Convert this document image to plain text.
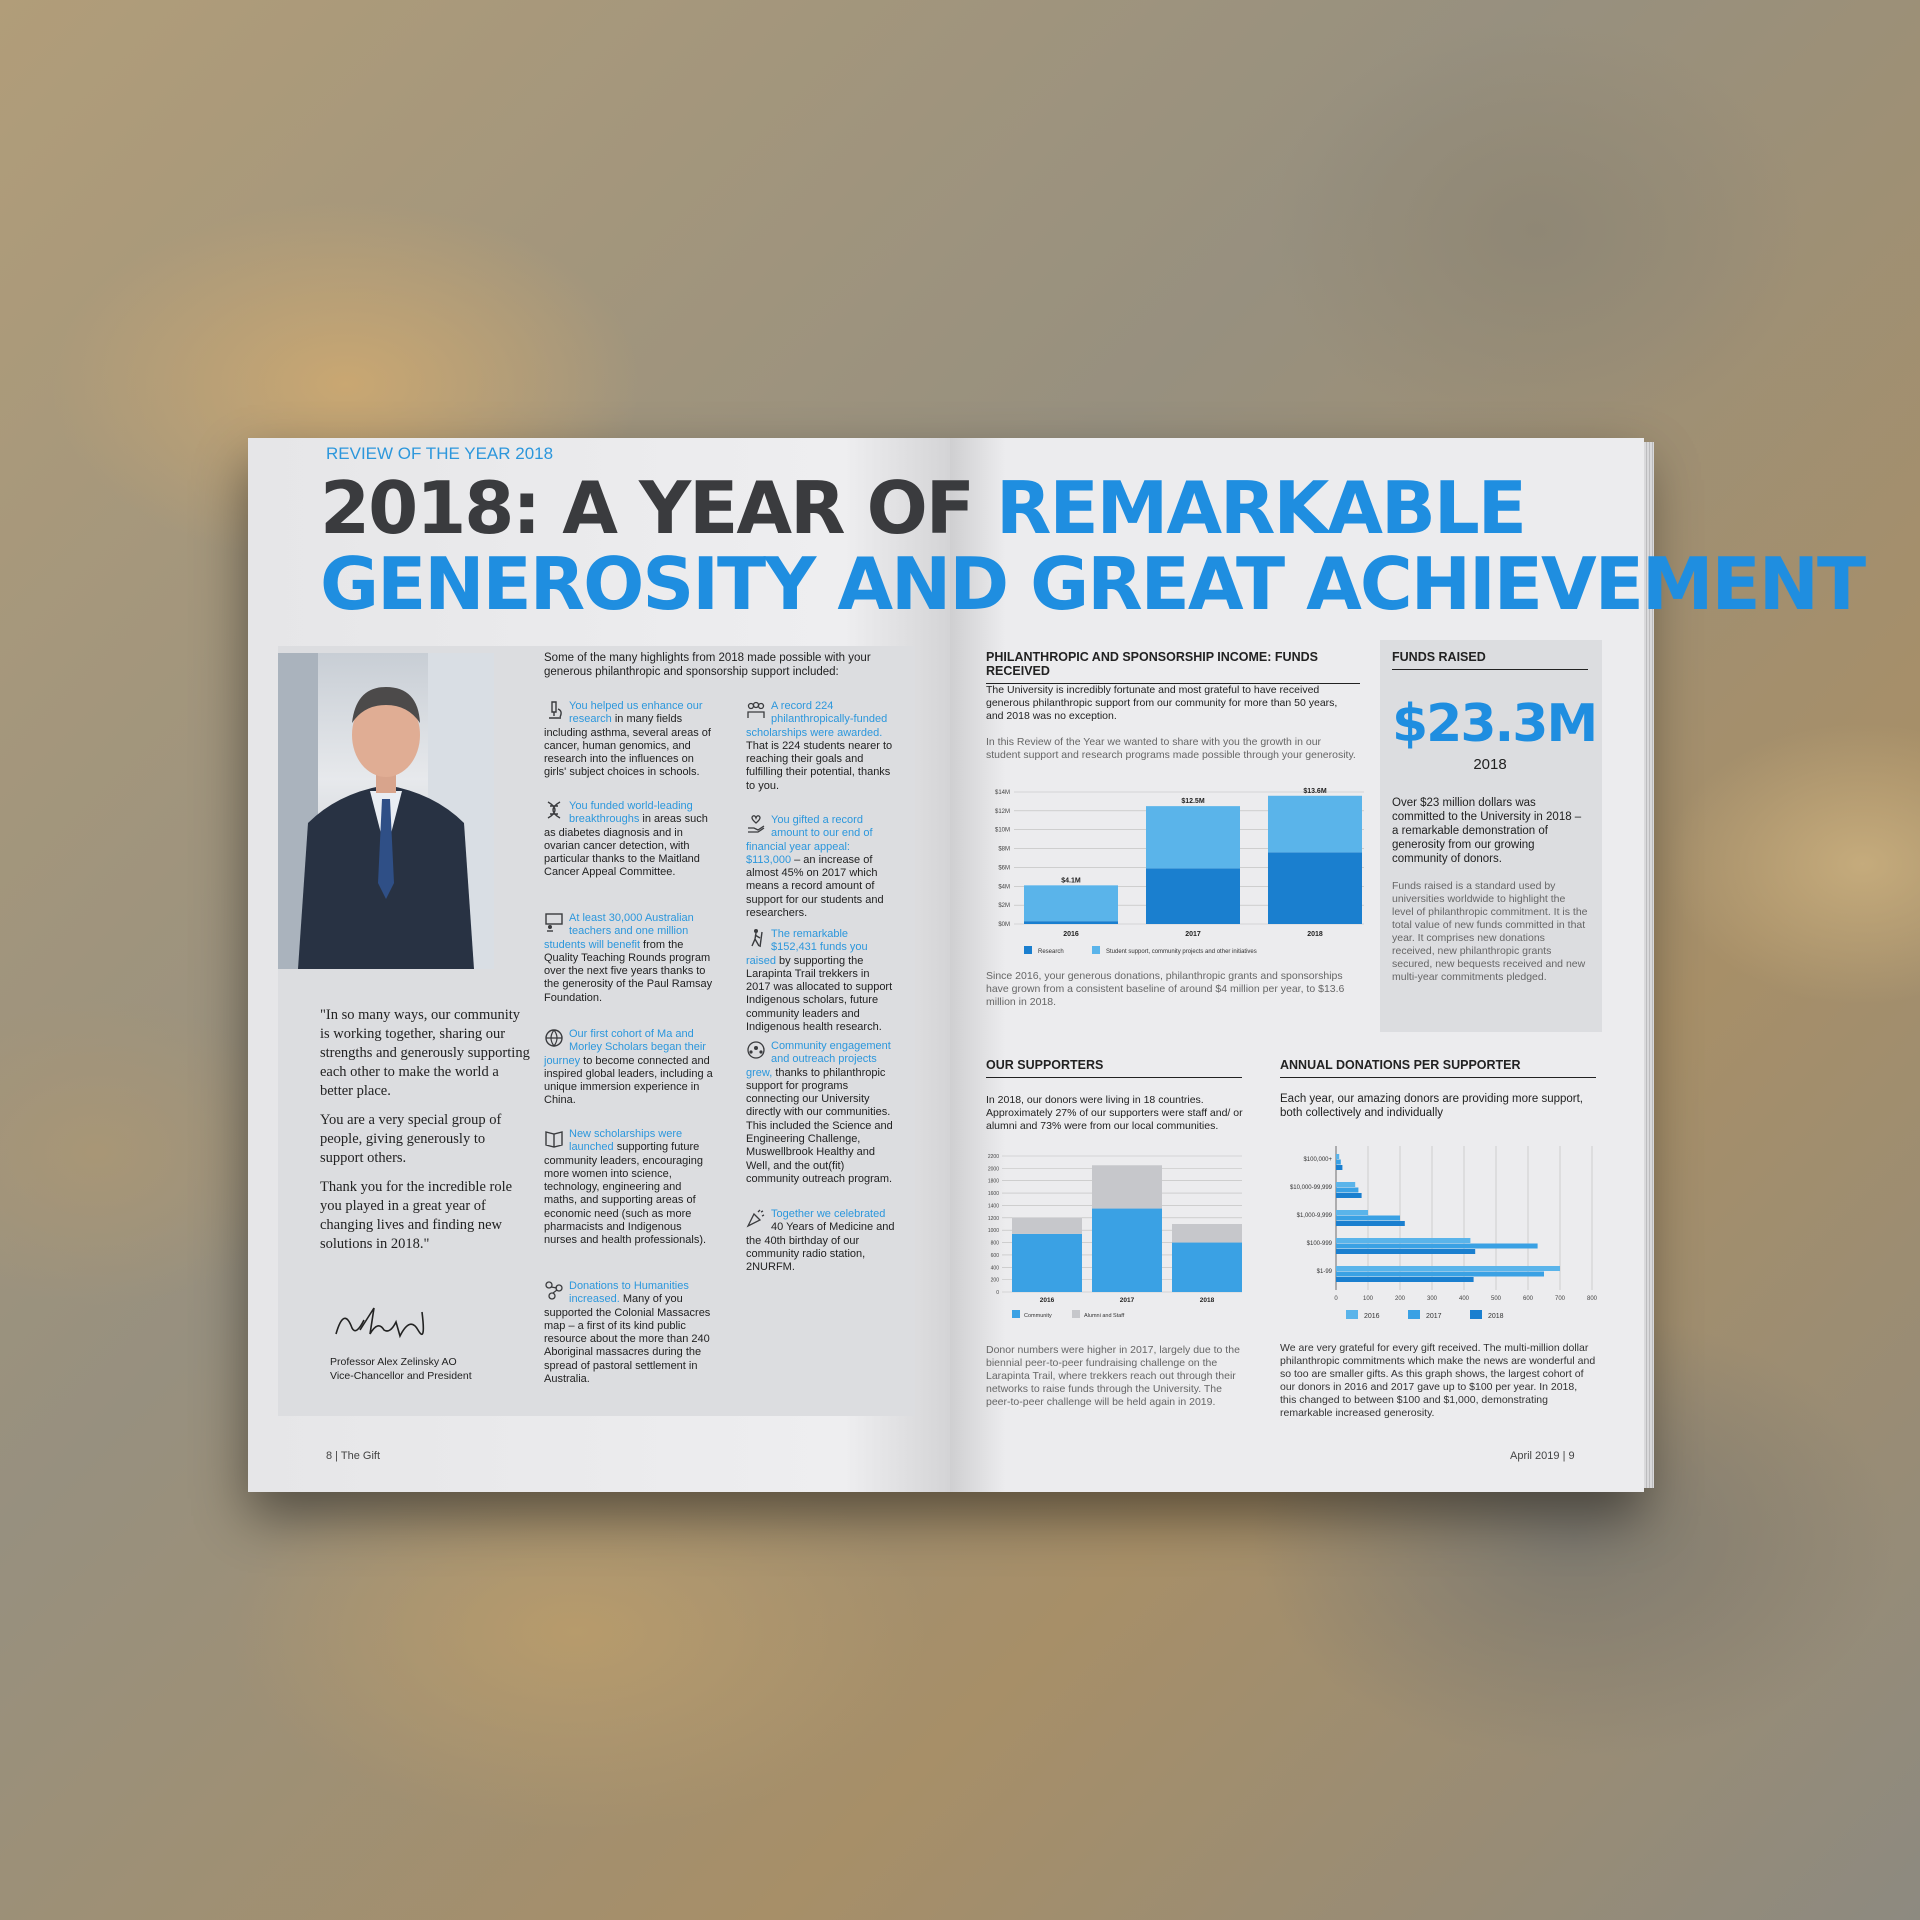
REVIEW OF THE YEAR 2018

"In so many ways, our community is working together, sharing our strengths and generously supporting each other to make the world a better place.

You are a very special group of people, giving generously to support others.

Thank you for the incredible role you played in a great year of changing lives and finding new solutions in 2018."

Professor Alex Zelinsky AO
Vice-Chancellor and President
Some of the many highlights from 2018 made possible with your generous philanthropic and sponsorship support included:
You helped us enhance our research in many fields including asthma, several areas of cancer, human genomics, and research into the influences on girls' subject choices in schools.
You funded world-leading breakthroughs in areas such as diabetes diagnosis and in ovarian cancer detection, with particular thanks to the Maitland Cancer Appeal Committee.
At least 30,000 Australian teachers and one million students will benefit from the Quality Teaching Rounds program over the next five years thanks to the generosity of the Paul Ramsay Foundation.
Our first cohort of Ma and Morley Scholars began their journey to become connected and inspired global leaders, including a unique immersion experience in China.
New scholarships were launched supporting future community leaders, encouraging more women into science, technology, engineering and maths, and supporting areas of economic need (such as more pharmacists and Indigenous nurses and health professionals).
Donations to Humanities increased. Many of you supported the Colonial Massacres map – a first of its kind public resource about the more than 240 Aboriginal massacres during the spread of pastoral settlement in Australia.
A record 224 philanthropically-funded scholarships were awarded. That is 224 students nearer to reaching their goals and fulfilling their potential, thanks to you.
You gifted a record amount to our end of financial year appeal: $113,000 – an increase of almost 45% on 2017 which means a record amount of support for our students and researchers.
The remarkable $152,431 funds you raised by supporting the Larapinta Trail trekkers in 2017 was allocated to support Indigenous scholars, future community leaders and Indigenous health research.
Community engagement and outreach projects grew, thanks to philanthropic support for programs connecting our University directly with our communities. This included the Science and Engineering Challenge, Muswellbrook Healthy and Well, and the out(fit) community outreach program.
Together we celebrated 40 Years of Medicine and the 40th birthday of our community radio station, 2NURFM.
8 | The Gift
PHILANTHROPIC AND SPONSORSHIP INCOME: FUNDS RECEIVED
The University is incredibly fortunate and most grateful to have received generous philanthropic support from our community for more than 50 years, and 2018 was no exception.
In this Review of the Year we wanted to share with you the growth in our student support and research programs made possible through your generosity.
$0M
$2M
$4M
$6M
$8M
$10M
$12M
$14M
$4.1M
2016
$12.5M
2017
$13.6M
2018
Research	Student support, community projects and other initiatives
Since 2016, your generous donations, philanthropic grants and sponsorships have grown from a consistent baseline of around $4 million per year, to $13.6 million in 2018.
FUNDS RAISED
$23.3M
2018
Over $23 million dollars was committed to the University in 2018 – a remarkable demonstration of generosity from our growing community of donors.
Funds raised is a standard used by universities worldwide to highlight the level of philanthropic commitment. It is the total value of new funds committed in that year. It comprises new donations received, new philanthropic grants secured, new bequests received and new multi-year commitments pledged.
OUR SUPPORTERS
In 2018, our donors were living in 18 countries. Approximately 27% of our supporters were staff and/ or alumni and 73% were from our local communities.
0
200
400
600
800
1000
1200
1400
1600
1800
2000
2200
2016	2017	2018
Community	Alumni and Staff
Donor numbers were higher in 2017, largely due to the biennial peer-to-peer fundraising challenge on the Larapinta Trail, where trekkers reach out through their networks to raise funds through the University. The peer-to-peer challenge will be held again in 2019.
ANNUAL DONATIONS PER SUPPORTER
Each year, our amazing donors are providing more support, both collectively and individually
0	100	200	300	400	500	600	700	800
$100,000+
$10,000-99,999
$1,000-9,999
$100-999
$1-99
2016	2017	2018
We are very grateful for every gift received. The multi-million dollar philanthropic commitments which make the news are wonderful and so too are smaller gifts. As this graph shows, the largest cohort of our donors in 2016 and 2017 gave up to $100 per year. In 2018, this changed to between $100 and $1,000, demonstrating remarkable increased generosity.
April 2019 | 9
2018: A YEAR OF REMARKABLE
GENEROSITY AND GREAT ACHIEVEMENT
